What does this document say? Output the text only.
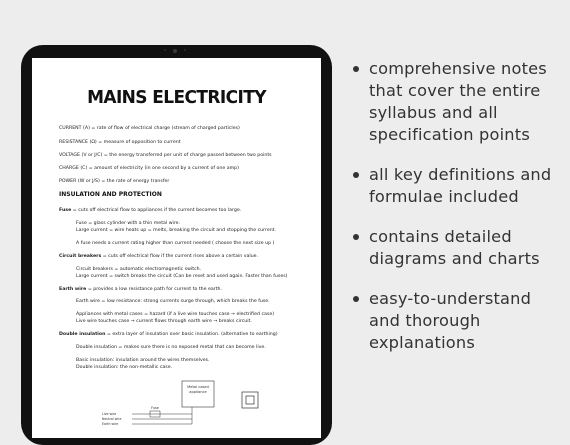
MAINS ELECTRICITY
CURRENT (A) = rate of flow of electrical charge (stream of charged particles)
RESISTANCE (Ω) = measure of opposition to current
VOLTAGE (V or J/C) = the energy transferred per unit of charge passed between two points
CHARGE (C) = amount of electricity (in one second by a current of one amp)
POWER (W or J/S) = the rate of energy transfer
INSULATION AND PROTECTION
Fuse = cuts off electrical flow to appliances if the current becomes too large.
Fuse = glass cylinder with a thin metal wire.
Large current = wire heats up = melts, breaking the circuit and stopping the current.
A fuse needs a current rating higher than current needed ( choose the next size up )
Circuit breakers = cuts off electrical flow if the current rises above a certain value.
Circuit breakers = automatic electromagnetic switch.
Large current = switch breaks the circuit (Can be reset and used again. Faster than fuses)
Earth wire = provides a low resistance path for current to the earth.
Earth wire = low resistance: strong currents surge through, which breaks the fuse.
Appliances with metal cases = hazard (if a live wire touches case → electrified case)
Live wire touches case → current flows through earth wire → breaks circuit.
Double insulation = extra layer of insulation over basic insulation. (alternative to earthing)
Double insulation = makes sure there is no exposed metal that can become live.
Basic insulation: insulation around the wires themselves.
Double insulation: the non-metallic case.
Metal cased
appliance
Fuse
Live wire
Neutral wire
Earth wire
comprehensive notes that cover the entire syllabus and all specification points
all key definitions and formulae included
contains detailed diagrams and charts
easy-to-understand and thorough explanations
